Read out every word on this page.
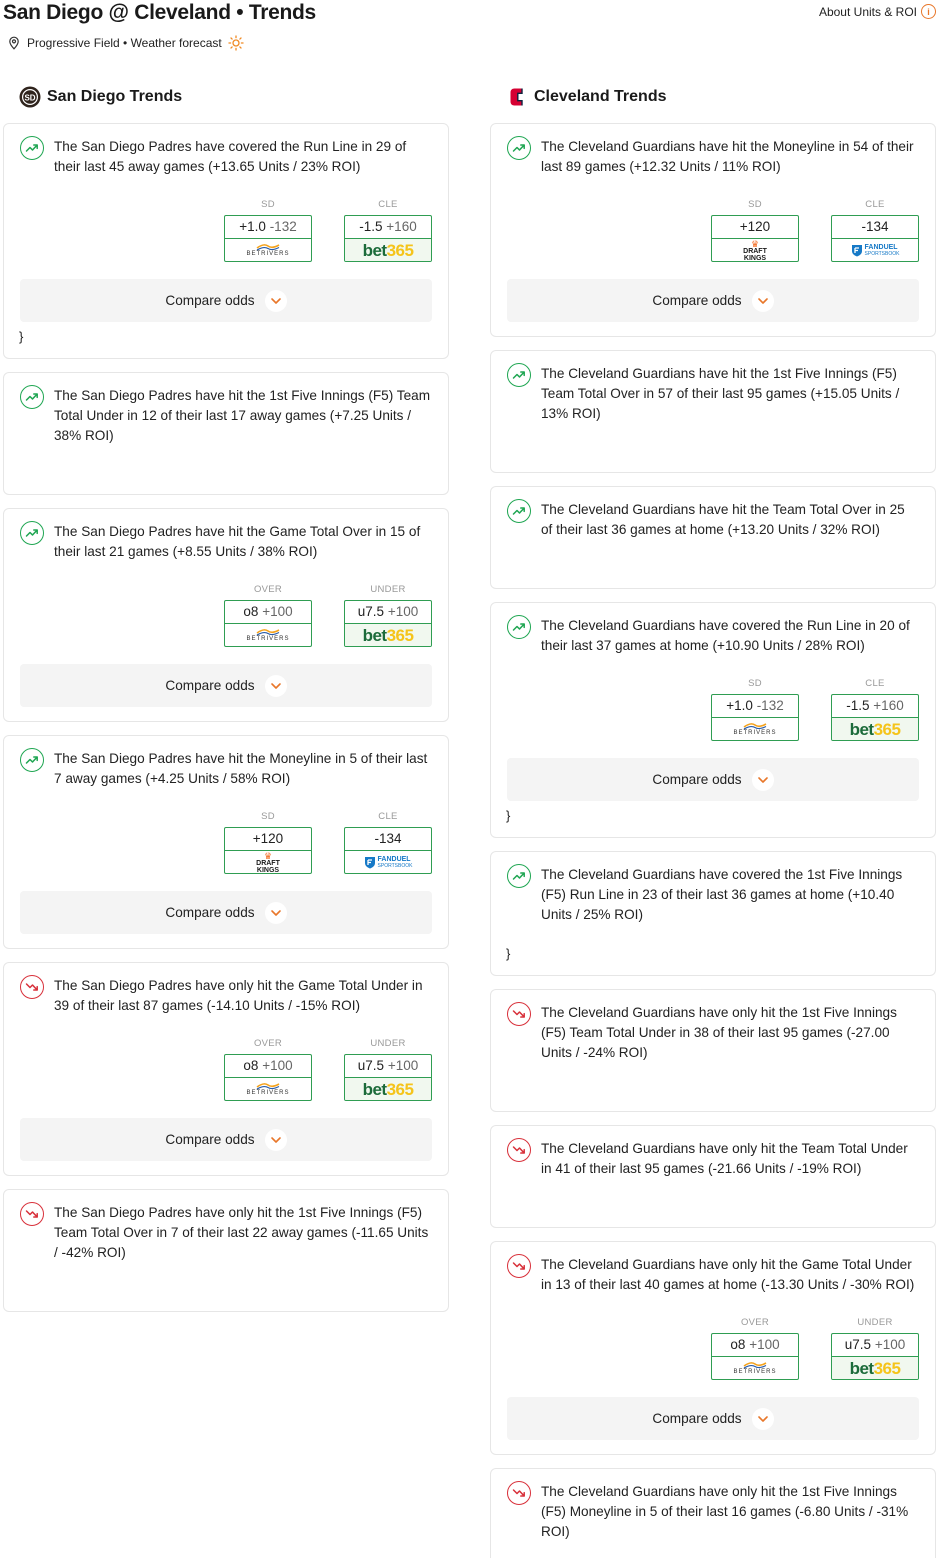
San Diego @ Cleveland • Trends	About Units & ROI	i
Progressive Field • Weather forecast
SD San Diego Trends

The San Diego Padres have covered the Run Line in 29 of their last 45 away games (+13.65 Units / 23% ROI)

SD
+1.0 -132
BETRIVERS
CLE
-1.5 +160
bet365
Compare odds
}

The San Diego Padres have hit the 1st Five Innings (F5) Team Total Under in 12 of their last 17 away games (+7.25 Units / 38% ROI)

The San Diego Padres have hit the Game Total Over in 15 of their last 21 games (+8.55 Units / 38% ROI)

OVER
o8 +100
BETRIVERS
UNDER
u7.5 +100
bet365
Compare odds

The San Diego Padres have hit the Moneyline in 5 of their last 7 away games (+4.25 Units / 58% ROI)

SD
+120
♛
DRAFT
KINGS
CLE
-134
FANDUEL
SPORTSBOOK
Compare odds

The San Diego Padres have only hit the Game Total Under in 39 of their last 87 games (-14.10 Units / -15% ROI)

OVER
o8 +100
BETRIVERS
UNDER
u7.5 +100
bet365
Compare odds

The San Diego Padres have only hit the 1st Five Innings (F5) Team Total Over in 7 of their last 22 away games (-11.65 Units / -42% ROI)

Cleveland Trends

The Cleveland Guardians have hit the Moneyline in 54 of their last 89 games (+12.32 Units / 11% ROI)

SD
+120
♛
DRAFT
KINGS
CLE
-134
FANDUEL
SPORTSBOOK
Compare odds

The Cleveland Guardians have hit the 1st Five Innings (F5) Team Total Over in 57 of their last 95 games (+15.05 Units / 13% ROI)

The Cleveland Guardians have hit the Team Total Over in 25 of their last 36 games at home (+13.20 Units / 32% ROI)

The Cleveland Guardians have covered the Run Line in 20 of their last 37 games at home (+10.90 Units / 28% ROI)

SD
+1.0 -132
BETRIVERS
CLE
-1.5 +160
bet365
Compare odds
}

The Cleveland Guardians have covered the 1st Five Innings (F5) Run Line in 23 of their last 36 games at home (+10.40 Units / 25% ROI)

}

The Cleveland Guardians have only hit the 1st Five Innings (F5) Team Total Under in 38 of their last 95 games (-27.00 Units / -24% ROI)

The Cleveland Guardians have only hit the Team Total Under in 41 of their last 95 games (-21.66 Units / -19% ROI)

The Cleveland Guardians have only hit the Game Total Under in 13 of their last 40 games at home (-13.30 Units / -30% ROI)

OVER
o8 +100
BETRIVERS
UNDER
u7.5 +100
bet365
Compare odds

The Cleveland Guardians have only hit the 1st Five Innings (F5) Moneyline in 5 of their last 16 games (-6.80 Units / -31% ROI)
